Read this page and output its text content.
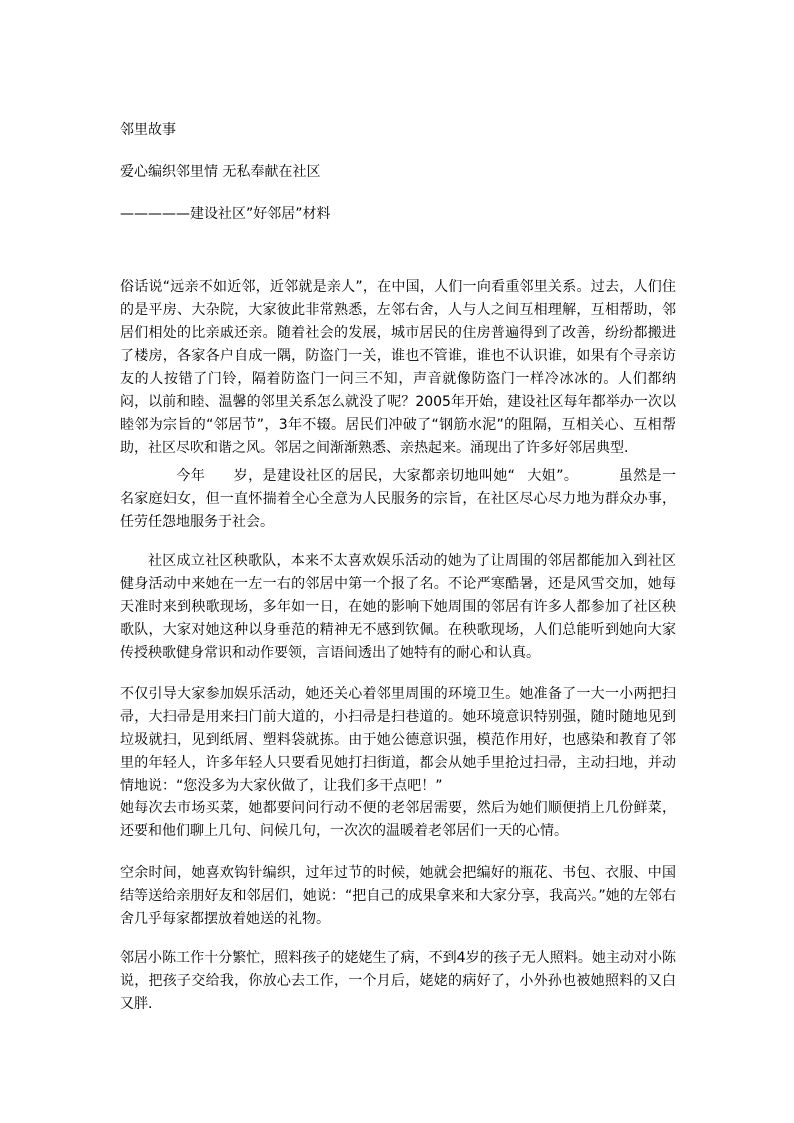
邻里故事
爱心编织邻里情 无私奉献在社区
—————建设社区”好邻居”材料

俗话说“远亲不如近邻，近邻就是亲人”，在中国，人们一向看重邻里关系。过去，人们住的是平房、大杂院，大家彼此非常熟悉，左邻右舍，人与人之间互相理解，互相帮助，邻居们相处的比亲戚还亲。随着社会的发展，城市居民的住房普遍得到了改善，纷纷都搬进了楼房，各家各户自成一隅，防盗门一关，谁也不管谁，谁也不认识谁，如果有个寻亲访友的人按错了门铃，隔着防盗门一问三不知，声音就像防盗门一样冷冰冰的。人们都纳闷，以前和睦、温馨的邻里关系怎么就没了呢？2005年开始，建设社区每年都举办一次以睦邻为宗旨的“邻居节”，3年不辍。居民们冲破了“钢筋水泥”的阻隔，互相关心、互相帮助，社区尽吹和谐之风。邻居之间渐渐熟悉、亲热起来。涌现出了许多好邻居典型.

今年 岁，是建设社区的居民，大家都亲切地叫她“ 大姐”。	虽然是一名家庭妇女，但一直怀揣着全心全意为人民服务的宗旨，在社区尽心尽力地为群众办事，任劳任怨地服务于社会。

社区成立社区秧歌队，本来不太喜欢娱乐活动的她为了让周围的邻居都能加入到社区健身活动中来她在一左一右的邻居中第一个报了名。不论严寒酷暑，还是风雪交加，她每天准时来到秧歌现场，多年如一日，在她的影响下她周围的邻居有许多人都参加了社区秧歌队，大家对她这种以身垂范的精神无不感到钦佩。在秧歌现场，人们总能听到她向大家传授秧歌健身常识和动作要领，言语间透出了她特有的耐心和认真。

不仅引导大家参加娱乐活动，她还关心着邻里周围的环境卫生。她准备了一大一小两把扫帚，大扫帚是用来扫门前大道的，小扫帚是扫巷道的。她环境意识特别强，随时随地见到垃圾就扫，见到纸屑、塑料袋就拣。由于她公德意识强，模范作用好，也感染和教育了邻里的年轻人，许多年轻人只要看见她打扫街道，都会从她手里抢过扫帚，主动扫地，并动情地说：“您没多为大家伙做了，让我们多干点吧！”

她每次去市场买菜，她都要问问行动不便的老邻居需要，然后为她们顺便捎上几份鲜菜，还要和他们聊上几句、问候几句，一次次的温暖着老邻居们一天的心情。

空余时间，她喜欢钩针编织，过年过节的时候，她就会把编好的瓶花、书包、衣服、中国结等送给亲朋好友和邻居们，她说：“把自己的成果拿来和大家分享，我高兴。”她的左邻右舍几乎每家都摆放着她送的礼物。

邻居小陈工作十分繁忙，照料孩子的姥姥生了病，不到4岁的孩子无人照料。她主动对小陈说，把孩子交给我，你放心去工作，一个月后，姥姥的病好了，小外孙也被她照料的又白又胖.
